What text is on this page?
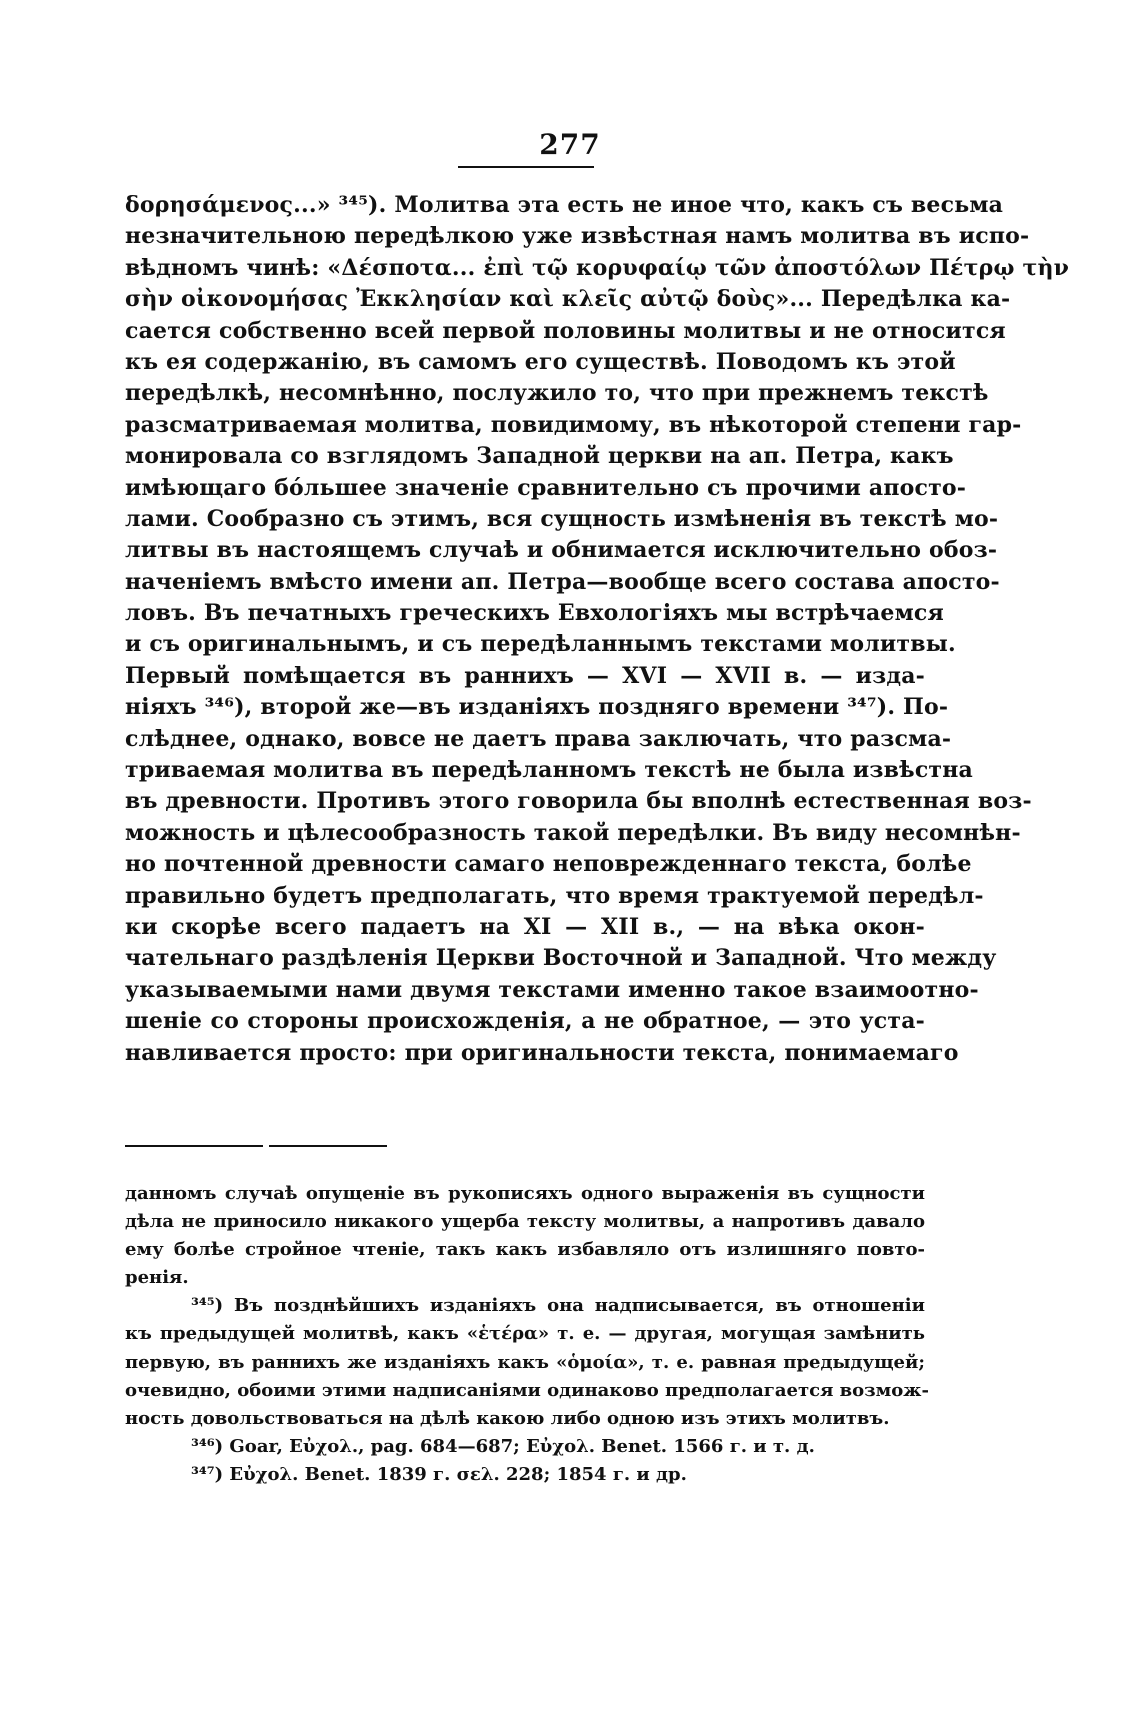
277
δορησάμενος...» ³⁴⁵). Молитва эта есть не иное что, какъ съ весьма
незначительною передѣлкою уже извѣстная намъ молитва въ испо-
вѣдномъ чинѣ: «Δέσποτα... ἐπὶ τῷ κορυφαίῳ τῶν ἀποστόλων Πέτρῳ τὴν
σὴν οἰκονομήσας Ἐκκλησίαν καὶ κλεῖς αὐτῷ δοὺς»... Передѣлка ка-
сается собственно всей первой половины молитвы и не относится
къ ея содержанію, въ самомъ его существѣ. Поводомъ къ этой
передѣлкѣ, несомнѣнно, послужило то, что при прежнемъ текстѣ
разсматриваемая молитва, повидимому, въ нѣкоторой степени гар-
монировала со взглядомъ Западной церкви на ап. Петра, какъ
имѣющаго бóльшее значеніе сравнительно съ прочими апосто-
лами. Сообразно съ этимъ, вся сущность измѣненія въ текстѣ мо-
литвы въ настоящемъ случаѣ и обнимается исключительно обоз-
наченіемъ вмѣсто имени ап. Петра—вообще всего состава апосто-
ловъ. Въ печатныхъ греческихъ Евхологіяхъ мы встрѣчаемся
и съ оригинальнымъ, и съ передѣланнымъ текстами молитвы.
Первый помѣщается въ раннихъ — XVI — XVII в. — изда-
ніяхъ ³⁴⁶), второй же—въ изданіяхъ поздняго времени ³⁴⁷). По-
слѣднее, однако, вовсе не даетъ права заключать, что разсма-
триваемая молитва въ передѣланномъ текстѣ не была извѣстна
въ древности. Противъ этого говорила бы вполнѣ естественная воз-
можность и цѣлесообразность такой передѣлки. Въ виду несомнѣн-
но почтенной древности самаго неповрежденнаго текста, болѣе
правильно будетъ предполагать, что время трактуемой передѣл-
ки скорѣе всего падаетъ на XI — XII в., — на вѣка окон-
чательнаго раздѣленія Церкви Восточной и Западной. Что между
указываемыми нами двумя текстами именно такое взаимоотно-
шеніе со стороны происхожденія, а не обратное, — это уста-
навливается просто: при оригинальности текста, понимаемаго
данномъ случаѣ опущеніе въ рукописяхъ одного выраженія въ сущности
дѣла не приносило никакого ущерба тексту молитвы, а напротивъ давало
ему болѣе стройное чтеніе, такъ какъ избавляло отъ излишняго повто-
ренія.
³⁴⁵) Въ позднѣйшихъ изданіяхъ она надписывается, въ отношеніи
къ предыдущей молитвѣ, какъ «ἑτέρα» т. е. — другая, могущая замѣнить
первую, въ раннихъ же изданіяхъ какъ «ὁμοία», т. е. равная предыдущей;
очевидно, обоими этими надписаніями одинаково предполагается возмож-
ность довольствоваться на дѣлѣ какою либо одною изъ этихъ молитвъ.
³⁴⁶) Goar, Εὐχολ., pag. 684—687; Εὐχολ. Benet. 1566 г. и т. д.
³⁴⁷) Εὐχολ. Benet. 1839 г. σελ. 228; 1854 г. и др.
